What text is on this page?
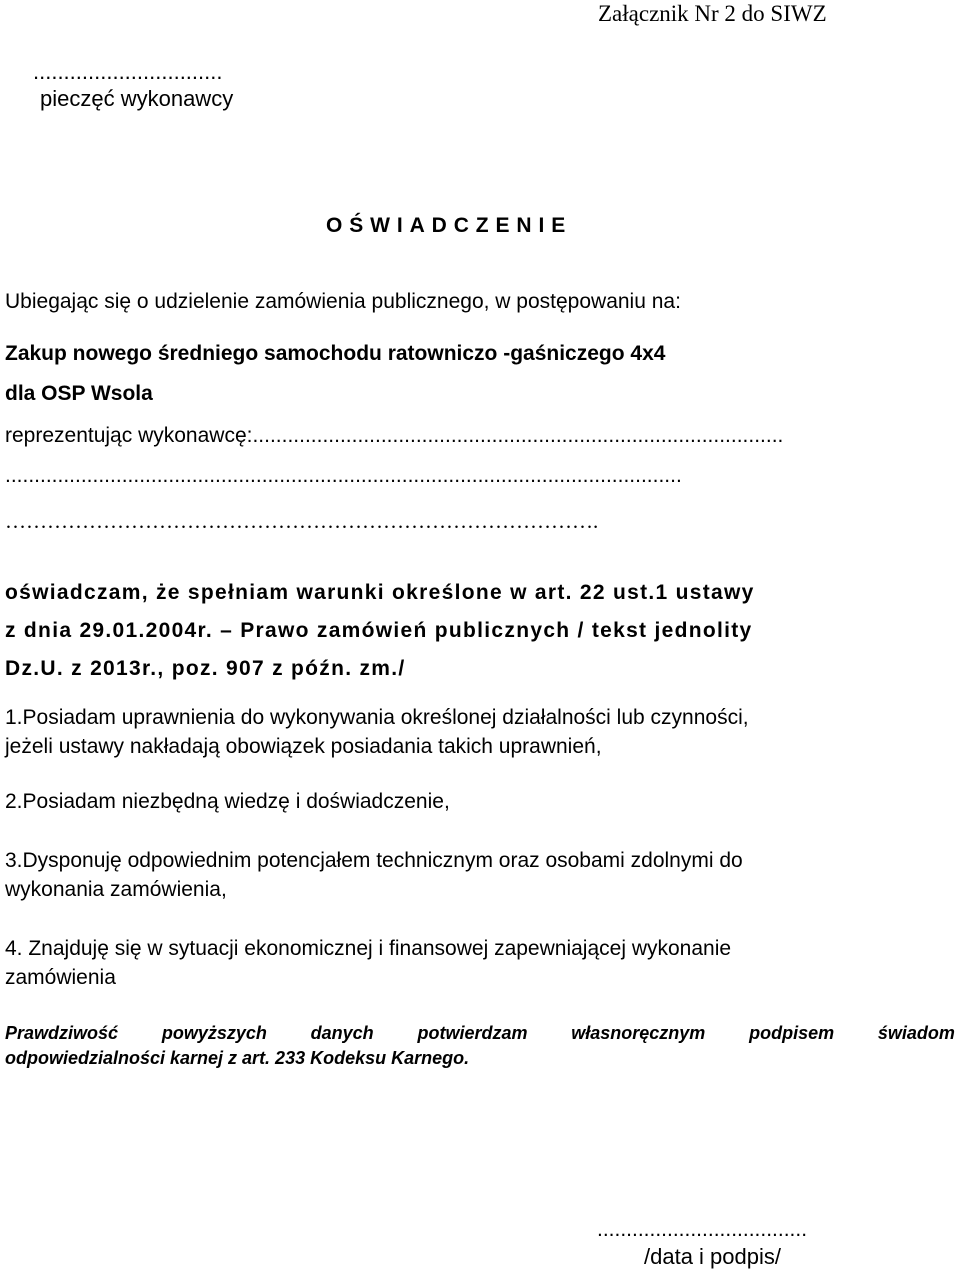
Załącznik Nr 2 do SIWZ
...............................
pieczęć wykonawcy
OŚWIADCZENIE
Ubiegając się o udzielenie zamówienia publicznego, w postępowaniu na:
Zakup nowego średniego samochodu ratowniczo -gaśniczego 4x4
dla OSP Wsola
reprezentując wykonawcę:...........................................................................................
....................................................................................................................
………………………………………………………………………….
oświadczam, że spełniam warunki określone w art. 22 ust.1 ustawy
z dnia 29.01.2004r. – Prawo zamówień publicznych / tekst jednolity
Dz.U. z 2013r., poz. 907 z późn. zm./
1.Posiadam uprawnienia do wykonywania określonej działalności lub czynności,
jeżeli ustawy nakładają obowiązek posiadania takich uprawnień,
2.Posiadam niezbędną wiedzę i doświadczenie,
3.Dysponuję odpowiednim potencjałem technicznym oraz osobami zdolnymi do
wykonania zamówienia,
4. Znajduję się w sytuacji ekonomicznej i finansowej zapewniającej wykonanie
zamówienia
Prawdziwość powyższych danych potwierdzam własnoręcznym podpisem świadom
odpowiedzialności karnej z art. 233 Kodeksu Karnego.
....................................
/data i podpis/
